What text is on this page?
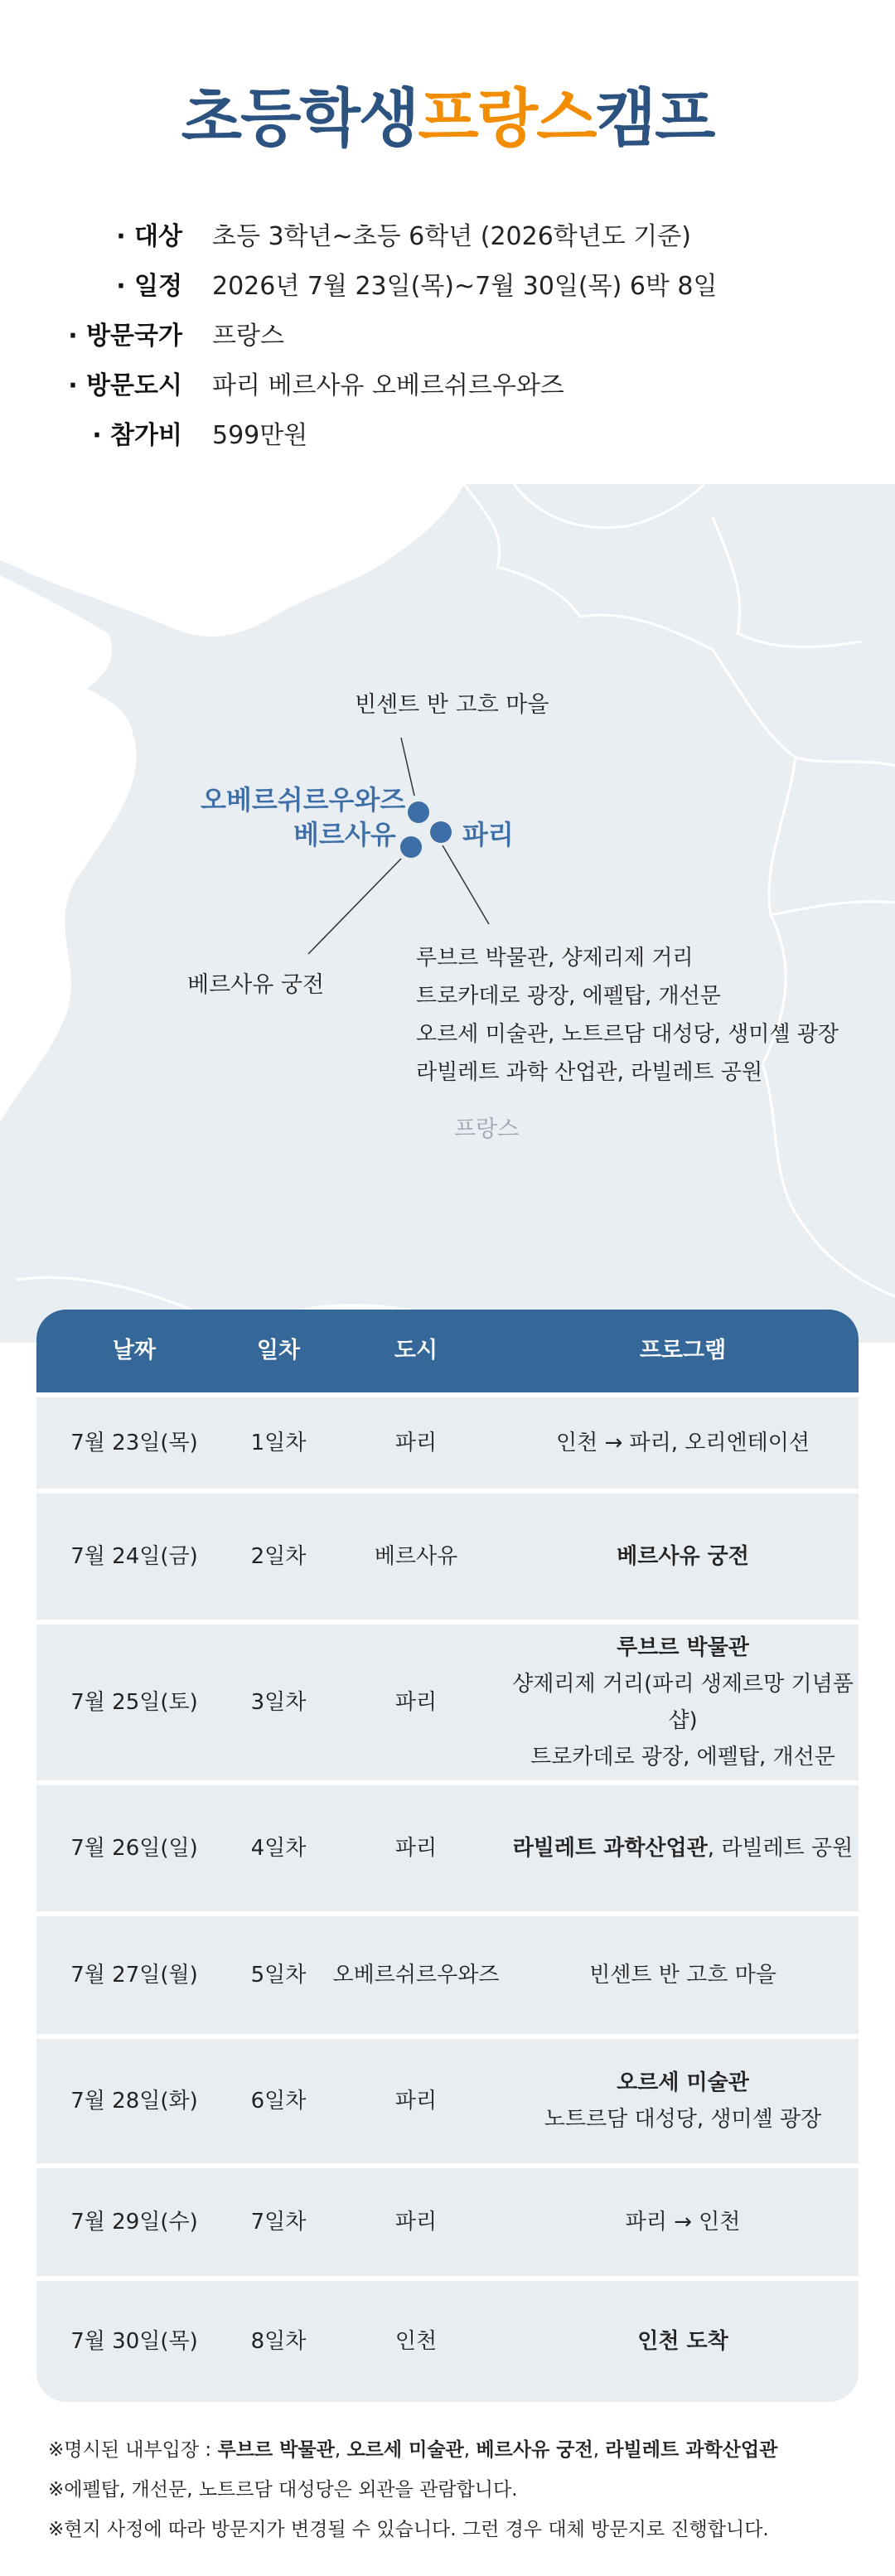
초등학생프랑스캠프
· 대상 초등 3학년~초등 6학년 (2026학년도 기준)
· 일정 2026년 7월 23일(목)~7월 30일(목) 6박 8일
· 방문국가 프랑스
· 방문도시 파리 베르사유 오베르쉬르우와즈
· 참가비 599만원
빈센트 반 고흐 마을
오베르쉬르우와즈
베르사유	파리
베르사유 궁전
프랑스
루브르 박물관, 샹제리제 거리
트로카데로 광장, 에펠탑, 개선문
오르세 미술관, 노트르담 대성당, 생미셸 광장
라빌레트 과학 산업관, 라빌레트 공원
날짜	일차	도시	프로그램
7월 23일(목)	1일차	파리	인천 → 파리, 오리엔테이션
7월 24일(금)	2일차	베르사유	베르사유 궁전
7월 25일(토)	3일차	파리
루브르 박물관
샹제리제 거리(파리 생제르망 기념품샵)
트로카데로 광장, 에펠탑, 개선문
7월 26일(일)	4일차	파리	라빌레트 과학산업관, 라빌레트 공원
7월 27일(월)	5일차	오베르쉬르우와즈	빈센트 반 고흐 마을
7월 28일(화)	6일차	파리
오르세 미술관
노트르담 대성당, 생미셸 광장
7월 29일(수)	7일차	파리	파리 → 인천
7월 30일(목)	8일차	인천	인천 도착
※명시된 내부입장 : 루브르 박물관, 오르세 미술관, 베르사유 궁전, 라빌레트 과학산업관
※에펠탑, 개선문, 노트르담 대성당은 외관을 관람합니다.
※현지 사정에 따라 방문지가 변경될 수 있습니다. 그런 경우 대체 방문지로 진행합니다.
